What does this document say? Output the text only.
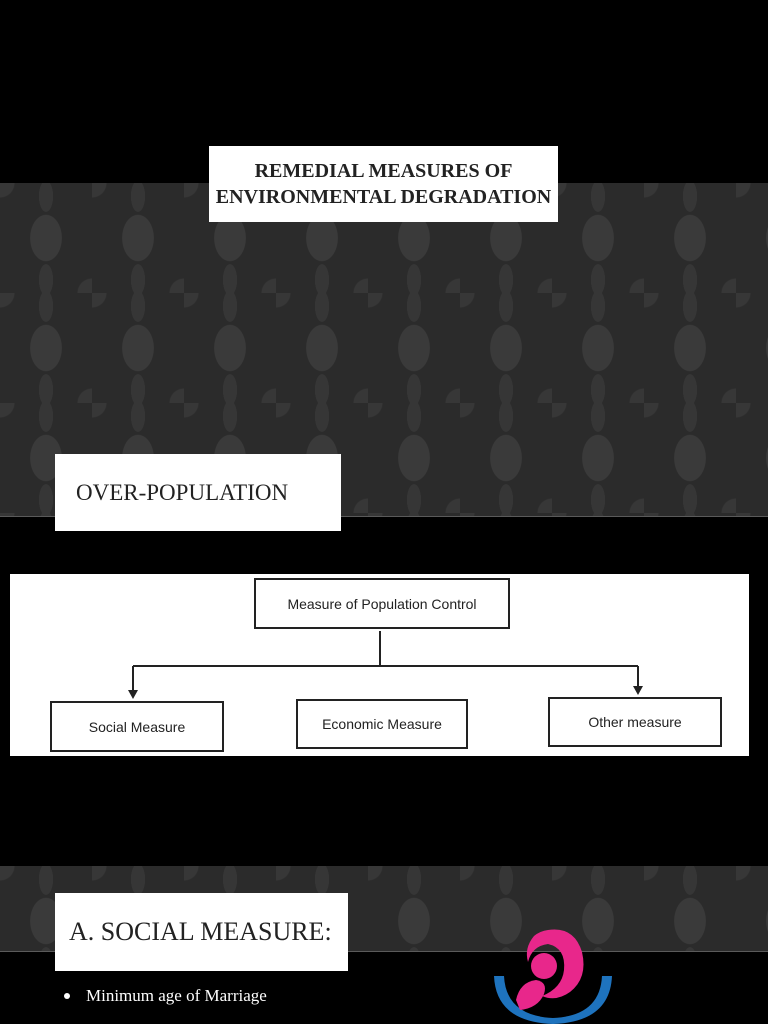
REMEDIAL MEASURES OF ENVIRONMENTAL DEGRADATION
OVER-POPULATION
Measure of Population Control
Social Measure	Economic Measure	Other measure
A. SOCIAL MEASURE:
Minimum age of Marriage
